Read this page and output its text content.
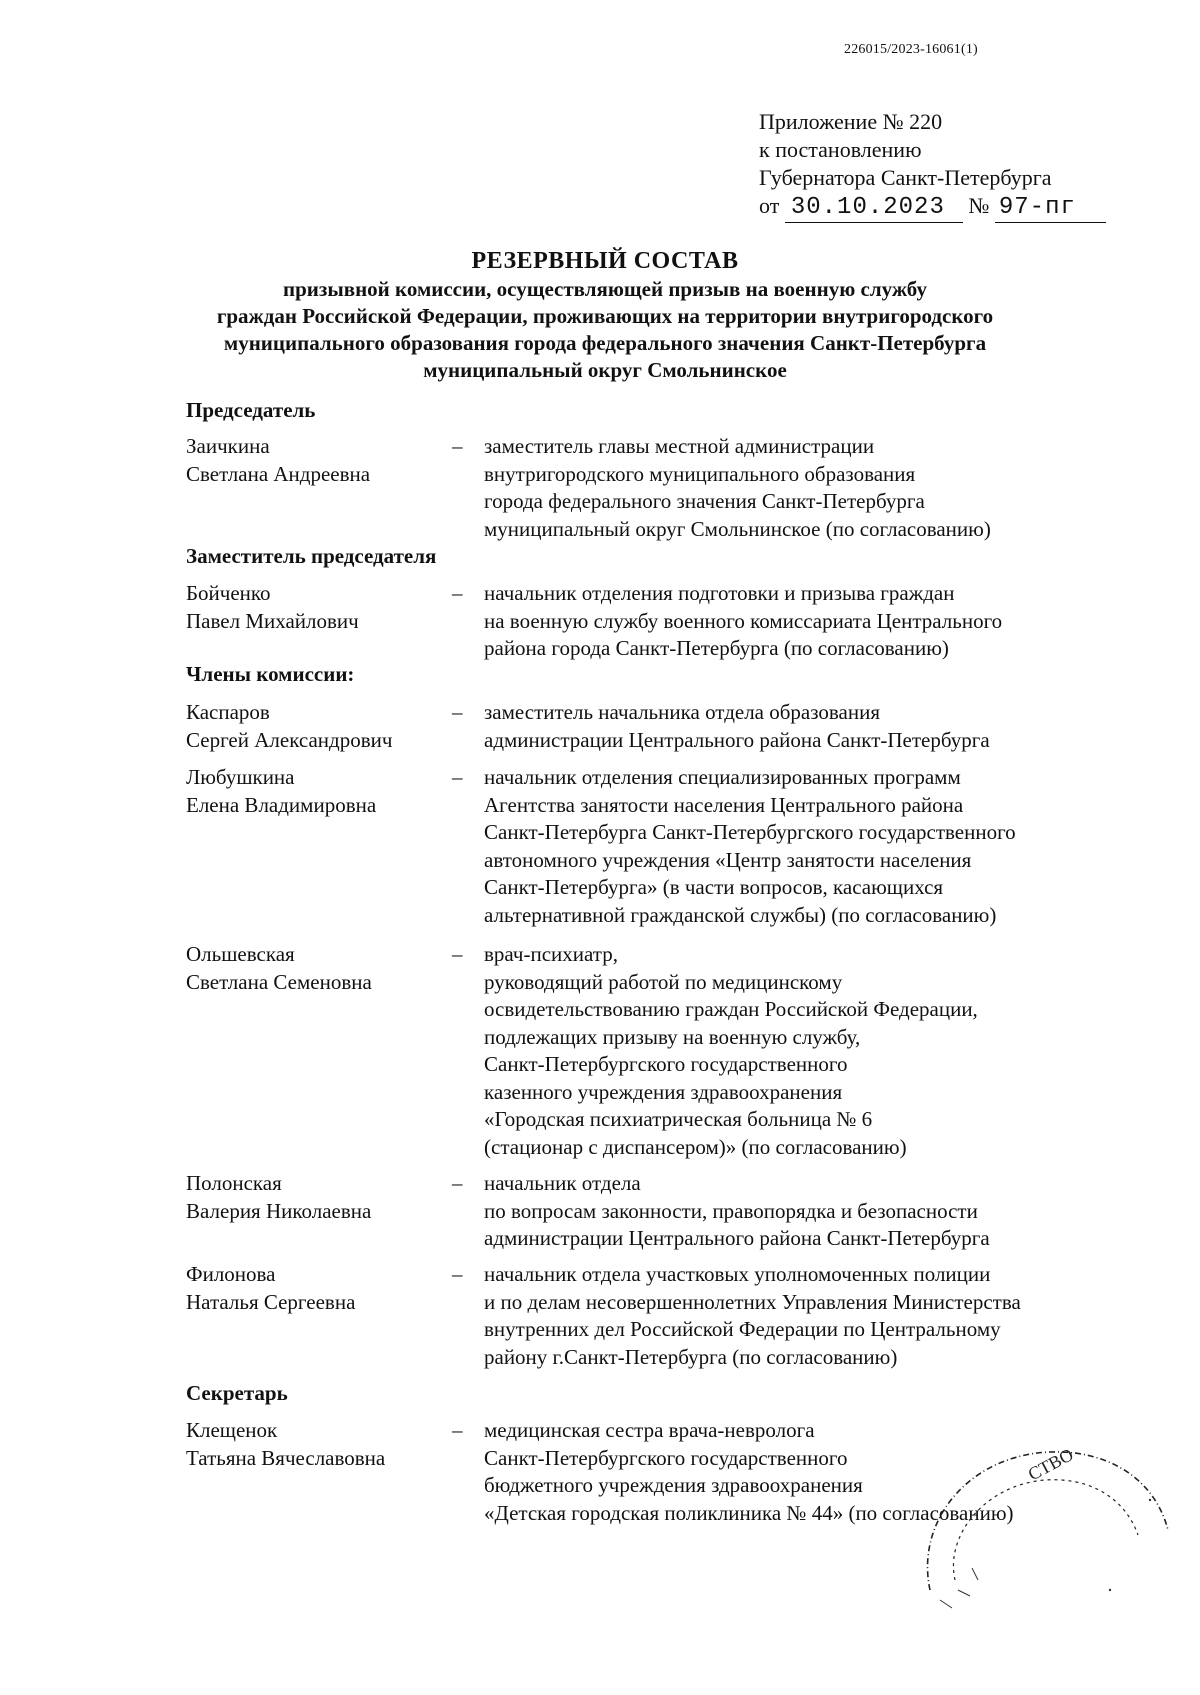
226015/2023-16061(1)
Приложение № 220
к постановлению
Губернатора Санкт-Петербурга
от 30.10.2023 № 97-пг
РЕЗЕРВНЫЙ СОСТАВ
призывной комиссии, осуществляющей призыв на военную службу
граждан Российской Федерации, проживающих на территории внутригородского
муниципального образования города федерального значения Санкт-Петербурга
муниципальный округ Смольнинское
Председатель
Заичкина
Светлана Андреевна
– заместитель главы местной администрации
внутригородского муниципального образования
города федерального значения Санкт-Петербурга
муниципальный округ Смольнинское (по согласованию)
Заместитель председателя
Бойченко
Павел Михайлович
– начальник отделения подготовки и призыва граждан
на военную службу военного комиссариата Центрального
района города Санкт-Петербурга (по согласованию)
Члены комиссии:
Каспаров
Сергей Александрович
– заместитель начальника отдела образования
администрации Центрального района Санкт-Петербурга
Любушкина
Елена Владимировна
– начальник отделения специализированных программ
Агентства занятости населения Центрального района
Санкт-Петербурга Санкт-Петербургского государственного
автономного учреждения «Центр занятости населения
Санкт-Петербурга» (в части вопросов, касающихся
альтернативной гражданской службы) (по согласованию)
Ольшевская
Светлана Семеновна
– врач-психиатр,
руководящий работой по медицинскому
освидетельствованию граждан Российской Федерации,
подлежащих призыву на военную службу,
Санкт-Петербургского государственного
казенного учреждения здравоохранения
«Городская психиатрическая больница № 6
(стационар с диспансером)» (по согласованию)
Полонская
Валерия Николаевна
– начальник отдела
по вопросам законности, правопорядка и безопасности
администрации Центрального района Санкт-Петербурга
Филонова
Наталья Сергеевна
– начальник отдела участковых уполномоченных полиции
и по делам несовершеннолетних Управления Министерства
внутренних дел Российской Федерации по Центральному
району г.Санкт-Петербурга (по согласованию)
Секретарь
Клещенок
Татьяна Вячеславовна
– медицинская сестра врача-невролога
Санкт-Петербургского государственного
бюджетного учреждения здравоохранения
«Детская городская поликлиника № 44» (по согласованию)
СТВО
